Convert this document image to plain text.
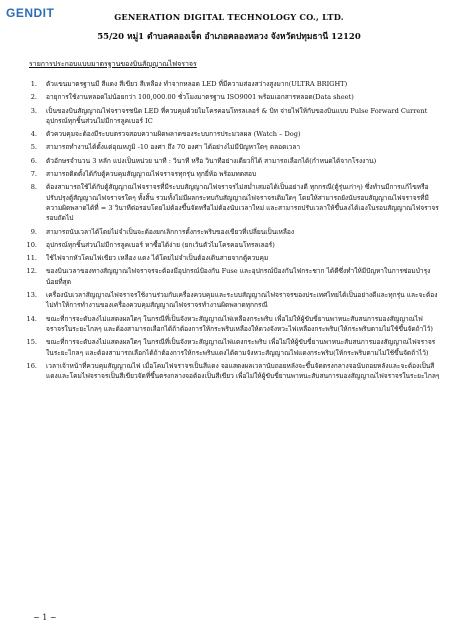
GENDIT	GENERATION DIGITAL TECHNOLOGY CO., LTD.
55/20 หมู่1 ตำบลคลองเจ็ด อำเภอคลองหลวง จังหวัดปทุมธานี 12120
รายการประกอบแบบมาตรฐานของบินสัญญาณไฟจราจร
1.	ตัวแขนมาตรฐานมี สีแดง สีเขียว สีเหลือง ทำจากหลอด LED ที่มีความส่องสว่างสูงมาก(ULTRA BRIGHT)
2.	อายุการใช้งานหลอดไม่น้อยกว่า 100,000.00 ชั่วโมงมาตรฐาน ISO9001 พร้อมเอกสารหลอด(Data sheet)
3.	เป็นของบินสัญญาณไฟจราจรชนิด LED ที่ควบคุมด้วยไมโครคอนโทรลเลอร์ & บิท จ่ายไฟให้กับของบินแบบ Pulse Forward Current อุปกรณ์ทุกชิ้นส่วนไม่มีการลูคเบอร์ IC
4.	ตัวควบคุมจะต้องมีระบบตรวจสอบความผิดพลาดของระบบการประมวลผล (Watch – Dog)
5.	สามารถทำงานได้ตั้งแต่อุณหภูมิ -10 องศา ถึง 70 องศา ได้อย่างไม่มีปัญหาใดๆ ตลอดเวลา
6.	ตัวอักษรจำนวน 3 หลัก แบ่งเป็นหน่วย นาที : วินาที หรือ วินาทีอย่างเดียวก็ได้ สามารถเลือกได้(กำหนดได้จากโรงงาน)
7.	สามารถติดตั้งได้กับตู้ควบคุมสัญญาณไฟจราจรทุกรุ่น ทุกยี่ห้อ พร้อมทดสอบ
8.	ต้องสามารถใช้ได้กับตู้สัญญาณไฟจราจรที่มีระบบสัญญาณไฟจราจรไม่สม่ำเสมอได้เป็นอย่างดี ทุกกรณี(ตู้รุ่นเก่าๆ) ซึ่งทำนมีการแก้ไขหรือปรับปรุงตู้สัญญาณไฟจราจรใดๆ ทั้งสิ้น รวมทั้งไม่มีผลกระทบกับสัญญาณไฟจราจรเดิมใดๆ โดยให้สามารถยังนับรอบสัญญาณไฟจราจรที่มีความผิดพลาดได้ที่ = 3 วินาทีต่อรอบโดยไม่ต้องขึ้นจัดหรือไม่ต้องนับเวลาใหม่ และสามารถปรับเวลาให้ขึ้นลงได้เองในรอบสัญญาณไฟจราจรรอบถัดไป
9.	สามารถนับเวลาได้โดยไม่จำเป็นจะต้องยกเลิกการตั้งกระพริบของเขียวที่เปลี่ยนเป็นเหลือง
10.	อุปกรณ์ทุกชิ้นส่วนไม่มีการลูคเบอร์ หาซื้อได้ง่าย (ยกเว้นตัวไมโครคอนโทรลเลอร์)
11.	ใช้ไฟจากหัวโคมไฟเขียว เหลือง แดง ได้โดยไม่จำเป็นต้องเดินสายจากตู้ควบคุม
12.	ของบินเวลาของทางสัญญาณไฟจราจรจะต้องมีอุปกรณ์ป้องกัน Fuse และอุปกรณ์ป้องกันไฟกระชาก ได้ดีซึ่งทำให้มีปัญหาในการซ่อมบำรุงน้อยที่สุด
13.	เครื่องนับเวลาสัญญาณไฟจราจรใช้งานร่วมกับเครื่องควบคุมและระบบสัญญาณไฟจราจรของประเทศไทยได้เป็นอย่างดีและทุกรุ่น และจะต้องไม่ทำให้การทำงานของเครื่องควบคุมสัญญาณไฟจราจรทำงานผิดพลาดทุกกรณี
14.	ขณะที่การจะดับลงไม่แสดงผลใดๆ ในกรณีที่เป็นจังหวะสัญญาณไฟเหลืองกระพริบ เพื่อไม่ให้ผู้ขับขี่ยานพาหนะสับสนการมองสัญญาณไฟจราจรในระยะไกลๆ และต้องสามารถเลือกได้ถ้าต้องการให้กระพริบเหลืองให้ดวงจังหวะไฟเหลืองกระพริบ(ให้กระพริบตามไม่ใช้ขึ้นจัดถ้าไว้)
15.	ขณะที่การจะดับลงไม่แสดงผลใดๆ ในกรณีที่เป็นจังหวะสัญญาณไฟแดงกระพริบ เพื่อไม่ให้ผู้ขับขี่ยานพาหนะสับสนการมองสัญญาณไฟจราจรในระยะไกลๆ และต้องสามารถเลือกได้ถ้าต้องการให้กระพริบแดงได้ตามจังหวะสัญญาณไฟแดงกระพริบ(ให้กระพริบตามไม่ใช้ขึ้นจัดถ้าไว้)
16.	เวลาเจ้าหน้าที่ควบคุมสัญญาณไฟ เมื่อโคมไฟจราจรเป็นสีแดง จอแสดงผลเวลานับถอยหลังจะขึ้นจัดตรงกลางจอนับถอยหลังและจะต้องเป็นสีแดงและโคมไฟจราจรเป็นสีเขียวจัดที่ขึ้นตรงกลางจอต้องเป็นสีเขียว เพื่อไม่ให้ผู้ขับขี่ยานพาหนะสับสนการมองสัญญาณไฟจราจรในระยะไกลๆ
~ 1 ~
